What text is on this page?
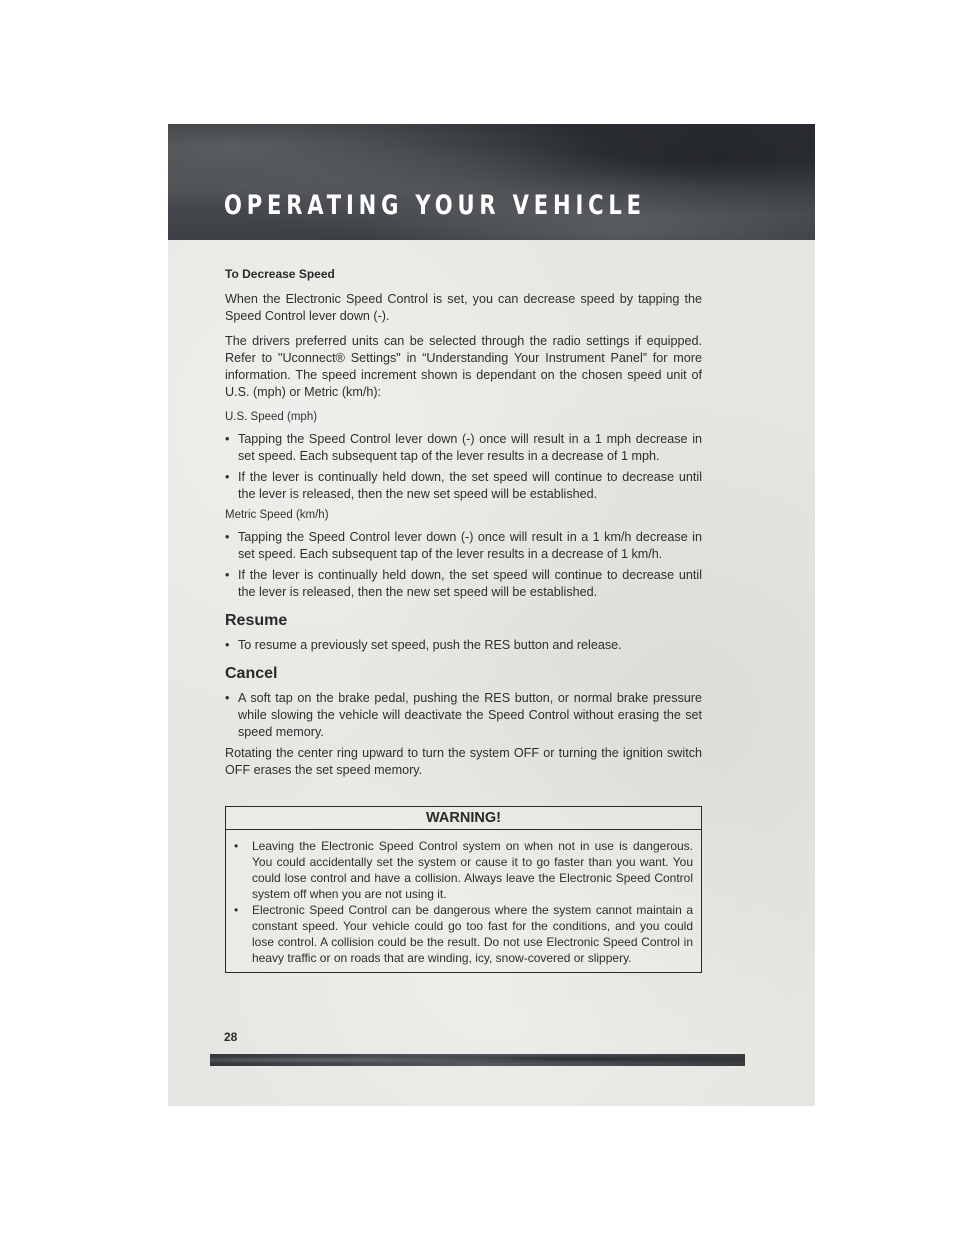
OPERATING YOUR VEHICLE
To Decrease Speed

When the Electronic Speed Control is set, you can decrease speed by tapping the Speed Control lever down (-).

The drivers preferred units can be selected through the radio settings if equipped. Refer to "Uconnect® Settings" in “Understanding Your Instrument Panel” for more information. The speed increment shown is dependant on the chosen speed unit of U.S. (mph) or Metric (km/h):

U.S. Speed (mph)
• Tapping the Speed Control lever down (-) once will result in a 1 mph decrease in set speed. Each subsequent tap of the lever results in a decrease of 1 mph.
• If the lever is continually held down, the set speed will continue to decrease until the lever is released, then the new set speed will be established.
Metric Speed (km/h)
• Tapping the Speed Control lever down (-) once will result in a 1 km/h decrease in set speed. Each subsequent tap of the lever results in a decrease of 1 km/h.
• If the lever is continually held down, the set speed will continue to decrease until the lever is released, then the new set speed will be established.
Resume
• To resume a previously set speed, push the RES button and release.
Cancel
• A soft tap on the brake pedal, pushing the RES button, or normal brake pressure while slowing the vehicle will deactivate the Speed Control without erasing the set speed memory.

Rotating the center ring upward to turn the system OFF or turning the ignition switch OFF erases the set speed memory.

WARNING!
• Leaving the Electronic Speed Control system on when not in use is dangerous. You could accidentally set the system or cause it to go faster than you want. You could lose control and have a collision. Always leave the Electronic Speed Control system off when you are not using it.
• Electronic Speed Control can be dangerous where the system cannot maintain a constant speed. Your vehicle could go too fast for the conditions, and you could lose control. A collision could be the result. Do not use Electronic Speed Control in heavy traffic or on roads that are winding, icy, snow-covered or slippery.
28
